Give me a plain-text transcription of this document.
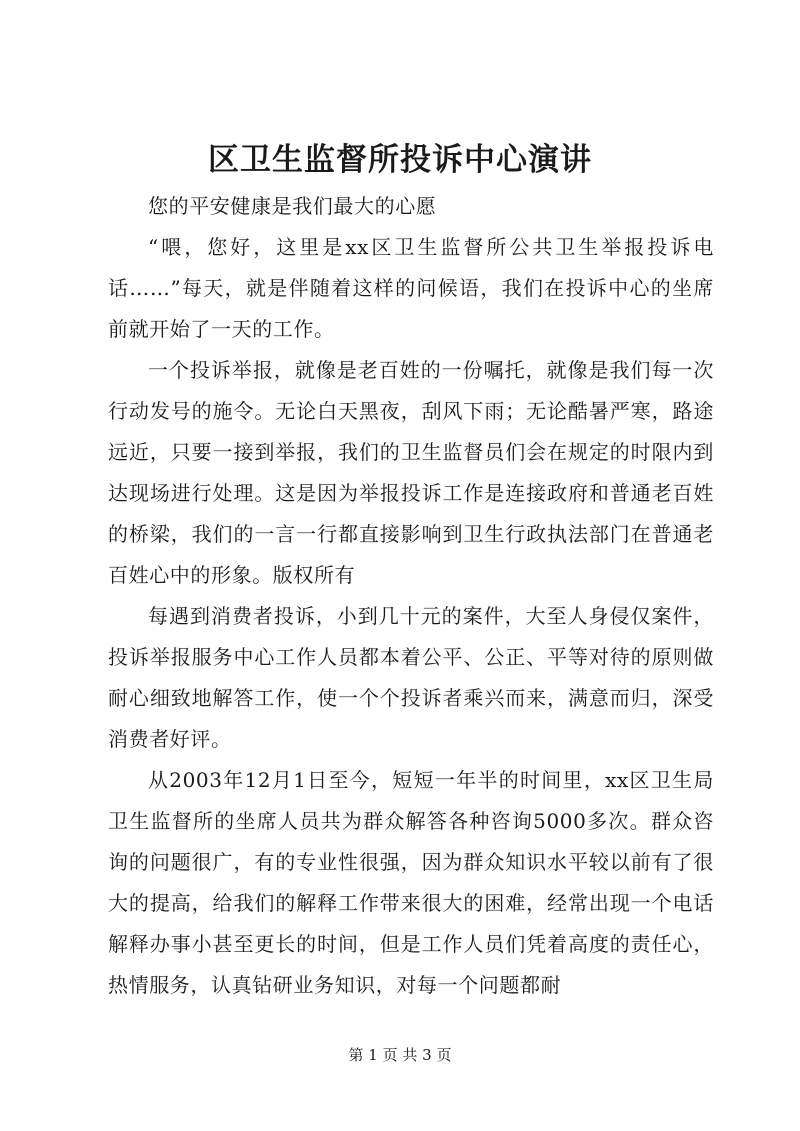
区卫生监督所投诉中心演讲

您的平安健康是我们最大的心愿

“喂，您好，这里是xx区卫生监督所公共卫生举报投诉电话……”每天，就是伴随着这样的问候语，我们在投诉中心的坐席前就开始了一天的工作。

一个投诉举报，就像是老百姓的一份嘱托，就像是我们每一次行动发号的施令。无论白天黑夜，刮风下雨；无论酷暑严寒，路途远近，只要一接到举报，我们的卫生监督员们会在规定的时限内到达现场进行处理。这是因为举报投诉工作是连接政府和普通老百姓的桥梁，我们的一言一行都直接影响到卫生行政执法部门在普通老百姓心中的形象。版权所有

每遇到消费者投诉，小到几十元的案件，大至人身侵仅案件，投诉举报服务中心工作人员都本着公平、公正、平等对待的原则做耐心细致地解答工作，使一个个投诉者乘兴而来，满意而归，深受消费者好评。

从2003年12月1日至今，短短一年半的时间里，xx区卫生局卫生监督所的坐席人员共为群众解答各种咨询5000多次。群众咨询的问题很广，有的专业性很强，因为群众知识水平较以前有了很大的提高，给我们的解释工作带来很大的困难，经常出现一个电话解释办事小甚至更长的时间，但是工作人员们凭着高度的责任心，热情服务，认真钻研业务知识，对每一个问题都耐

第 1 页 共 3 页
